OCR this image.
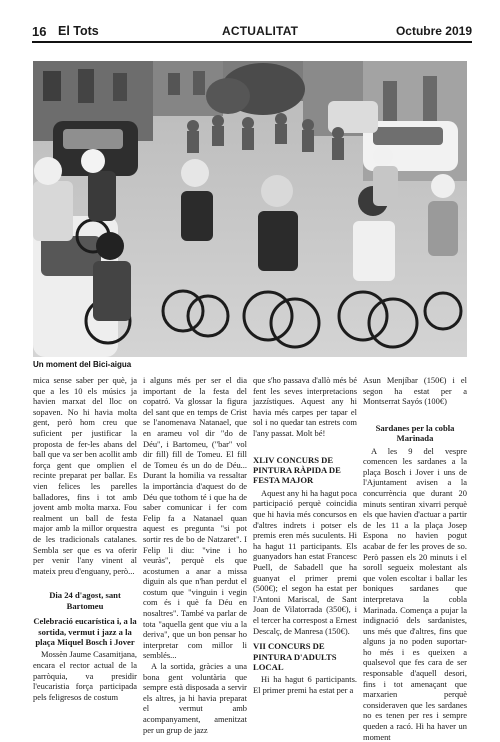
16 El Tots	ACTUALITAT	Octubre 2019
Un moment del Bici-aigua

mica sense saber per què, ja que a les 10 els músics ja havien marxat del lloc on sopaven. No hi havia molta gent, però hom creu que suficient per justificar la proposta de fer-les abans del ball que va ser ben acollit amb força gent que omplien el recinte preparat per ballar. Es vien felices les parelles balladores, fins i tot amb jovent amb molta marxa. Fou realment un ball de festa major amb la millor orquestra de les tradicionals catalanes. Sembla ser que es va oferir per venir l'any vinent al mateix preu d'enguany, però...

Dia 24 d'agost, sant Bartomeu
Celebració eucarística i, a la sortida, vermut i jazz a la plaça Miquel Bosch i Jover

Mossèn Jaume Casamitjana, encara el rector actual de la parròquia, va presidir l'eucaristia força participada pels feligresos de costum

i alguns més per ser el dia important de la festa del copatró. Va glossar la figura del sant que en temps de Crist se l'anomenava Natanael, que en arameu vol dir "do de Déu", i Bartomeu, ("bar" vol dir fill) fill de Tomeu. El fill de Tomeu és un do de Déu... Durant la homilia va ressaltar la importància d'aquest do de Déu que tothom té i que ha de saber comunicar i fer com Felip fa a Natanael quan aquest es pregunta "si pot sortir res de bo de Natzaret". I Felip li diu: "vine i ho veuràs", perquè els que acostumen a anar a missa diguin als que n'han perdut el costum que "vinguin i vegin com és i què fa Déu en nosaltres". També va parlar de tota "aquella gent que viu a la deriva", que un bon pensar ho interpretar com millor li semblés...

A la sortida, gràcies a una bona gent voluntària que sempre està disposada a servir els altres, ja hi havia preparat el vermut amb acompanyament, amenitzat per un grup de jazz

que s'ho passava d'allò més bé fent les seves interpretacions jazzístiques. Aquest any hi havia més carpes per tapar el sol i no quedar tan estrets com l'any passat. Molt bé!

XLIV CONCURS DE PINTURA RÀPIDA DE FESTA MAJOR

Aquest any hi ha hagut poca participació perquè coincidia que hi havia més concursos en d'altres indrets i potser els premis eren més suculents. Hi ha hagut 11 participants. Els guanyadors han estat Francesc Puell, de Sabadell que ha guanyat el primer premi (500€); el segon ha estat per l'Antoni Mariscal, de Sant Joan de Vilatorrada (350€), i el tercer ha correspost a Ernest Descalç, de Manresa (150€).

VII CONCURS DE PINTURA D'ADULTS LOCAL

Hi ha hagut 6 participants. El primer premi ha estat per a

Asun Menjíbar (150€) i el segon ha estat per a Montserrat Sayós (100€)

Sardanes per la cobla Marinada

A les 9 del vespre comencen les sardanes a la plaça Bosch i Jover i uns de l'Ajuntament avisen a la concurrència que durant 20 minuts sentiran xivarri perquè els que havien d'actuar a partir de les 11 a la plaça Josep Espona no havien pogut acabar de fer les proves de so. Però passen els 20 minuts i el soroll segueix molestant als que volen escoltar i ballar les boniques sardanes que interpretava la cobla Marinada. Comença a pujar la indignació dels sardanistes, uns més que d'altres, fins que alguns ja no poden suportar-ho més i es queixen a qualsevol que fes cara de ser responsable d'aquell desori, fins i tot amenaçant que marxarien perquè consideraven que les sardanes no es tenen per res i sempre queden a racó. Hi ha haver un moment
